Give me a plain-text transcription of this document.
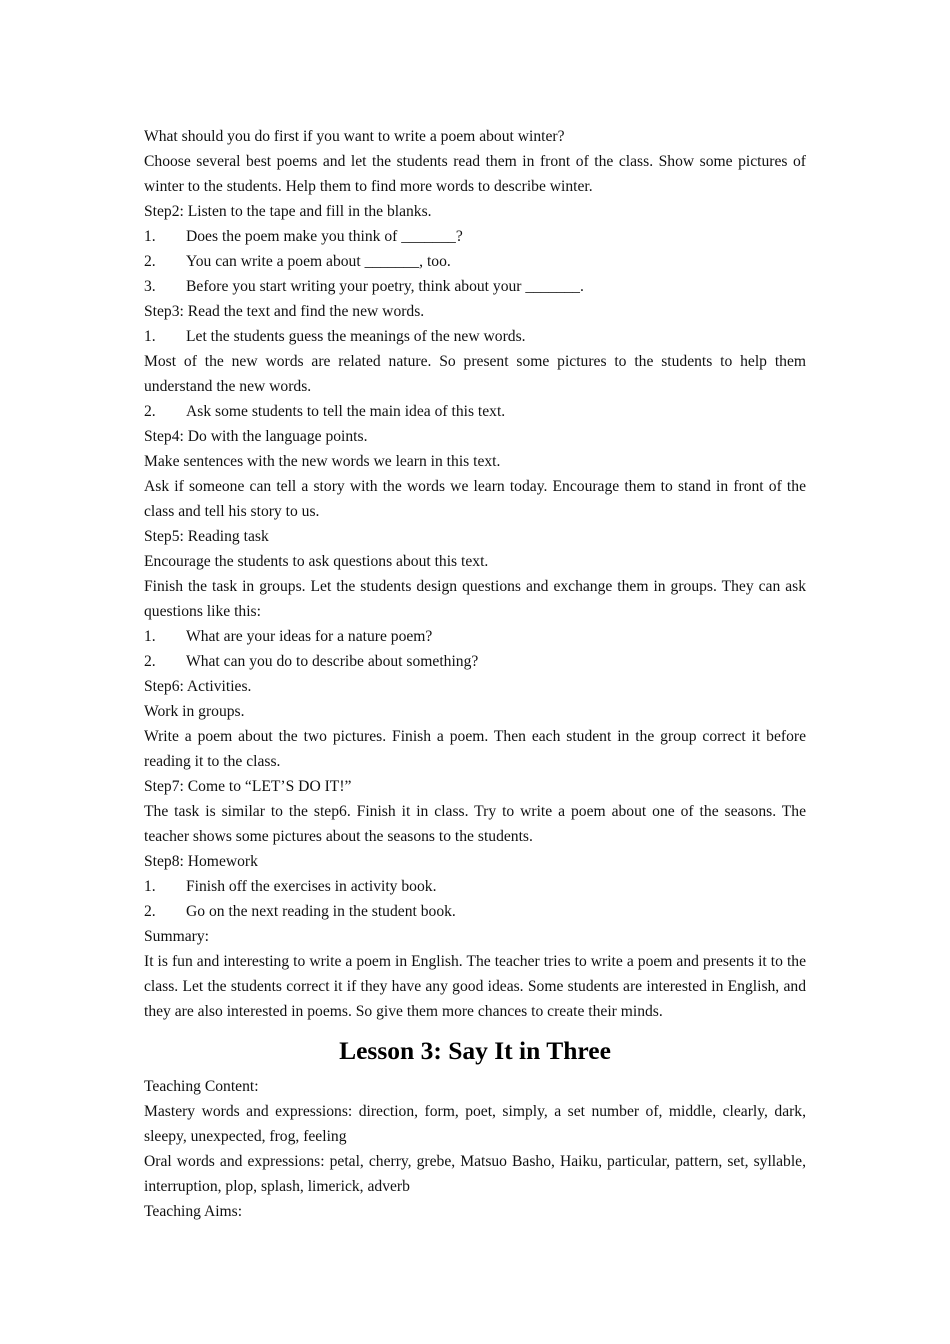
What should you do first if you want to write a poem about winter?

Choose several best poems and let the students read them in front of the class. Show some pictures of winter to the students. Help them to find more words to describe winter.

Step2: Listen to the tape and fill in the blanks.

1.	Does the poem make you think of _______?
2.	You can write a poem about _______, too.
3.	Before you start writing your poetry, think about your _______.

Step3: Read the text and find the new words.

1.	Let the students guess the meanings of the new words.

Most of the new words are related nature. So present some pictures to the students to help them understand the new words.

2.	Ask some students to tell the main idea of this text.

Step4: Do with the language points.

Make sentences with the new words we learn in this text.

Ask if someone can tell a story with the words we learn today. Encourage them to stand in front of the class and tell his story to us.

Step5: Reading task

Encourage the students to ask questions about this text.

Finish the task in groups. Let the students design questions and exchange them in groups. They can ask questions like this:

1.	What are your ideas for a nature poem?
2.	What can you do to describe about something?

Step6: Activities.

Work in groups.

Write a poem about the two pictures. Finish a poem. Then each student in the group correct it before reading it to the class.

Step7: Come to “LET’S DO IT!”

The task is similar to the step6. Finish it in class. Try to write a poem about one of the seasons. The teacher shows some pictures about the seasons to the students.

Step8: Homework

1.	Finish off the exercises in activity book.
2.	Go on the next reading in the student book.

Summary:

It is fun and interesting to write a poem in English. The teacher tries to write a poem and presents it to the class. Let the students correct it if they have any good ideas. Some students are interested in English, and they are also interested in poems. So give them more chances to create their minds.

Lesson 3: Say It in Three

Teaching Content:

Mastery words and expressions: direction, form, poet, simply, a set number of, middle, clearly, dark, sleepy, unexpected, frog, feeling

Oral words and expressions: petal, cherry, grebe, Matsuo Basho, Haiku, particular, pattern, set, syllable, interruption, plop, splash, limerick, adverb

Teaching Aims:
